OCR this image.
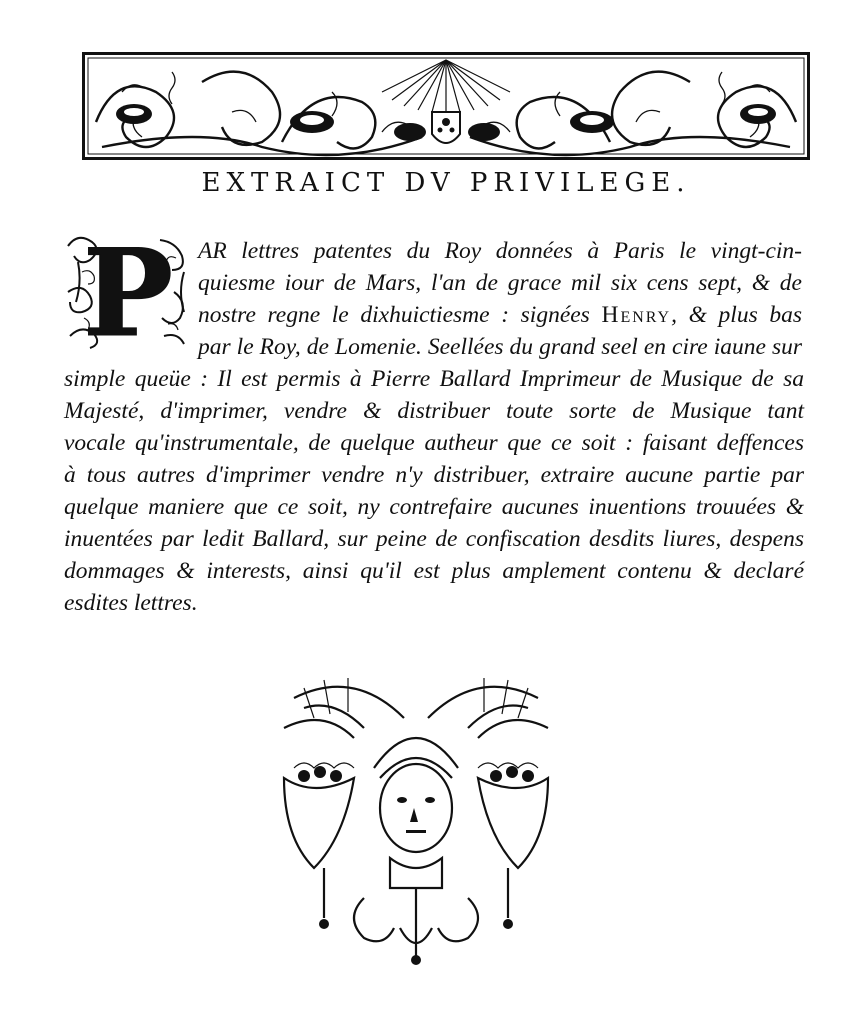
EXTRAICT DV PRIVILEGE.
P AR lettres patentes du Roy données à Paris le vingt-cin-
quiesme iour de Mars, l'an de grace mil six cens sept, & de
nostre regne le dixhuictiesme : signées Henry, & plus bas
par le Roy, de Lomenie. Seellées du grand seel en cire iaune sur
simple queüe : Il est permis à Pierre Ballard Imprimeur de Musique de sa
Majesté, d'imprimer, vendre & distribuer toute sorte de Musique tant
vocale qu'instrumentale, de quelque autheur que ce soit : faisant deffences
à tous autres d'imprimer vendre n'y distribuer, extraire aucune partie par
quelque maniere que ce soit, ny contrefaire aucunes inuentions trouuées &
inuentées par ledit Ballard, sur peine de confiscation desdits liures, despens
dommages & interests, ainsi qu'il est plus amplement contenu & declaré
esdites lettres.
